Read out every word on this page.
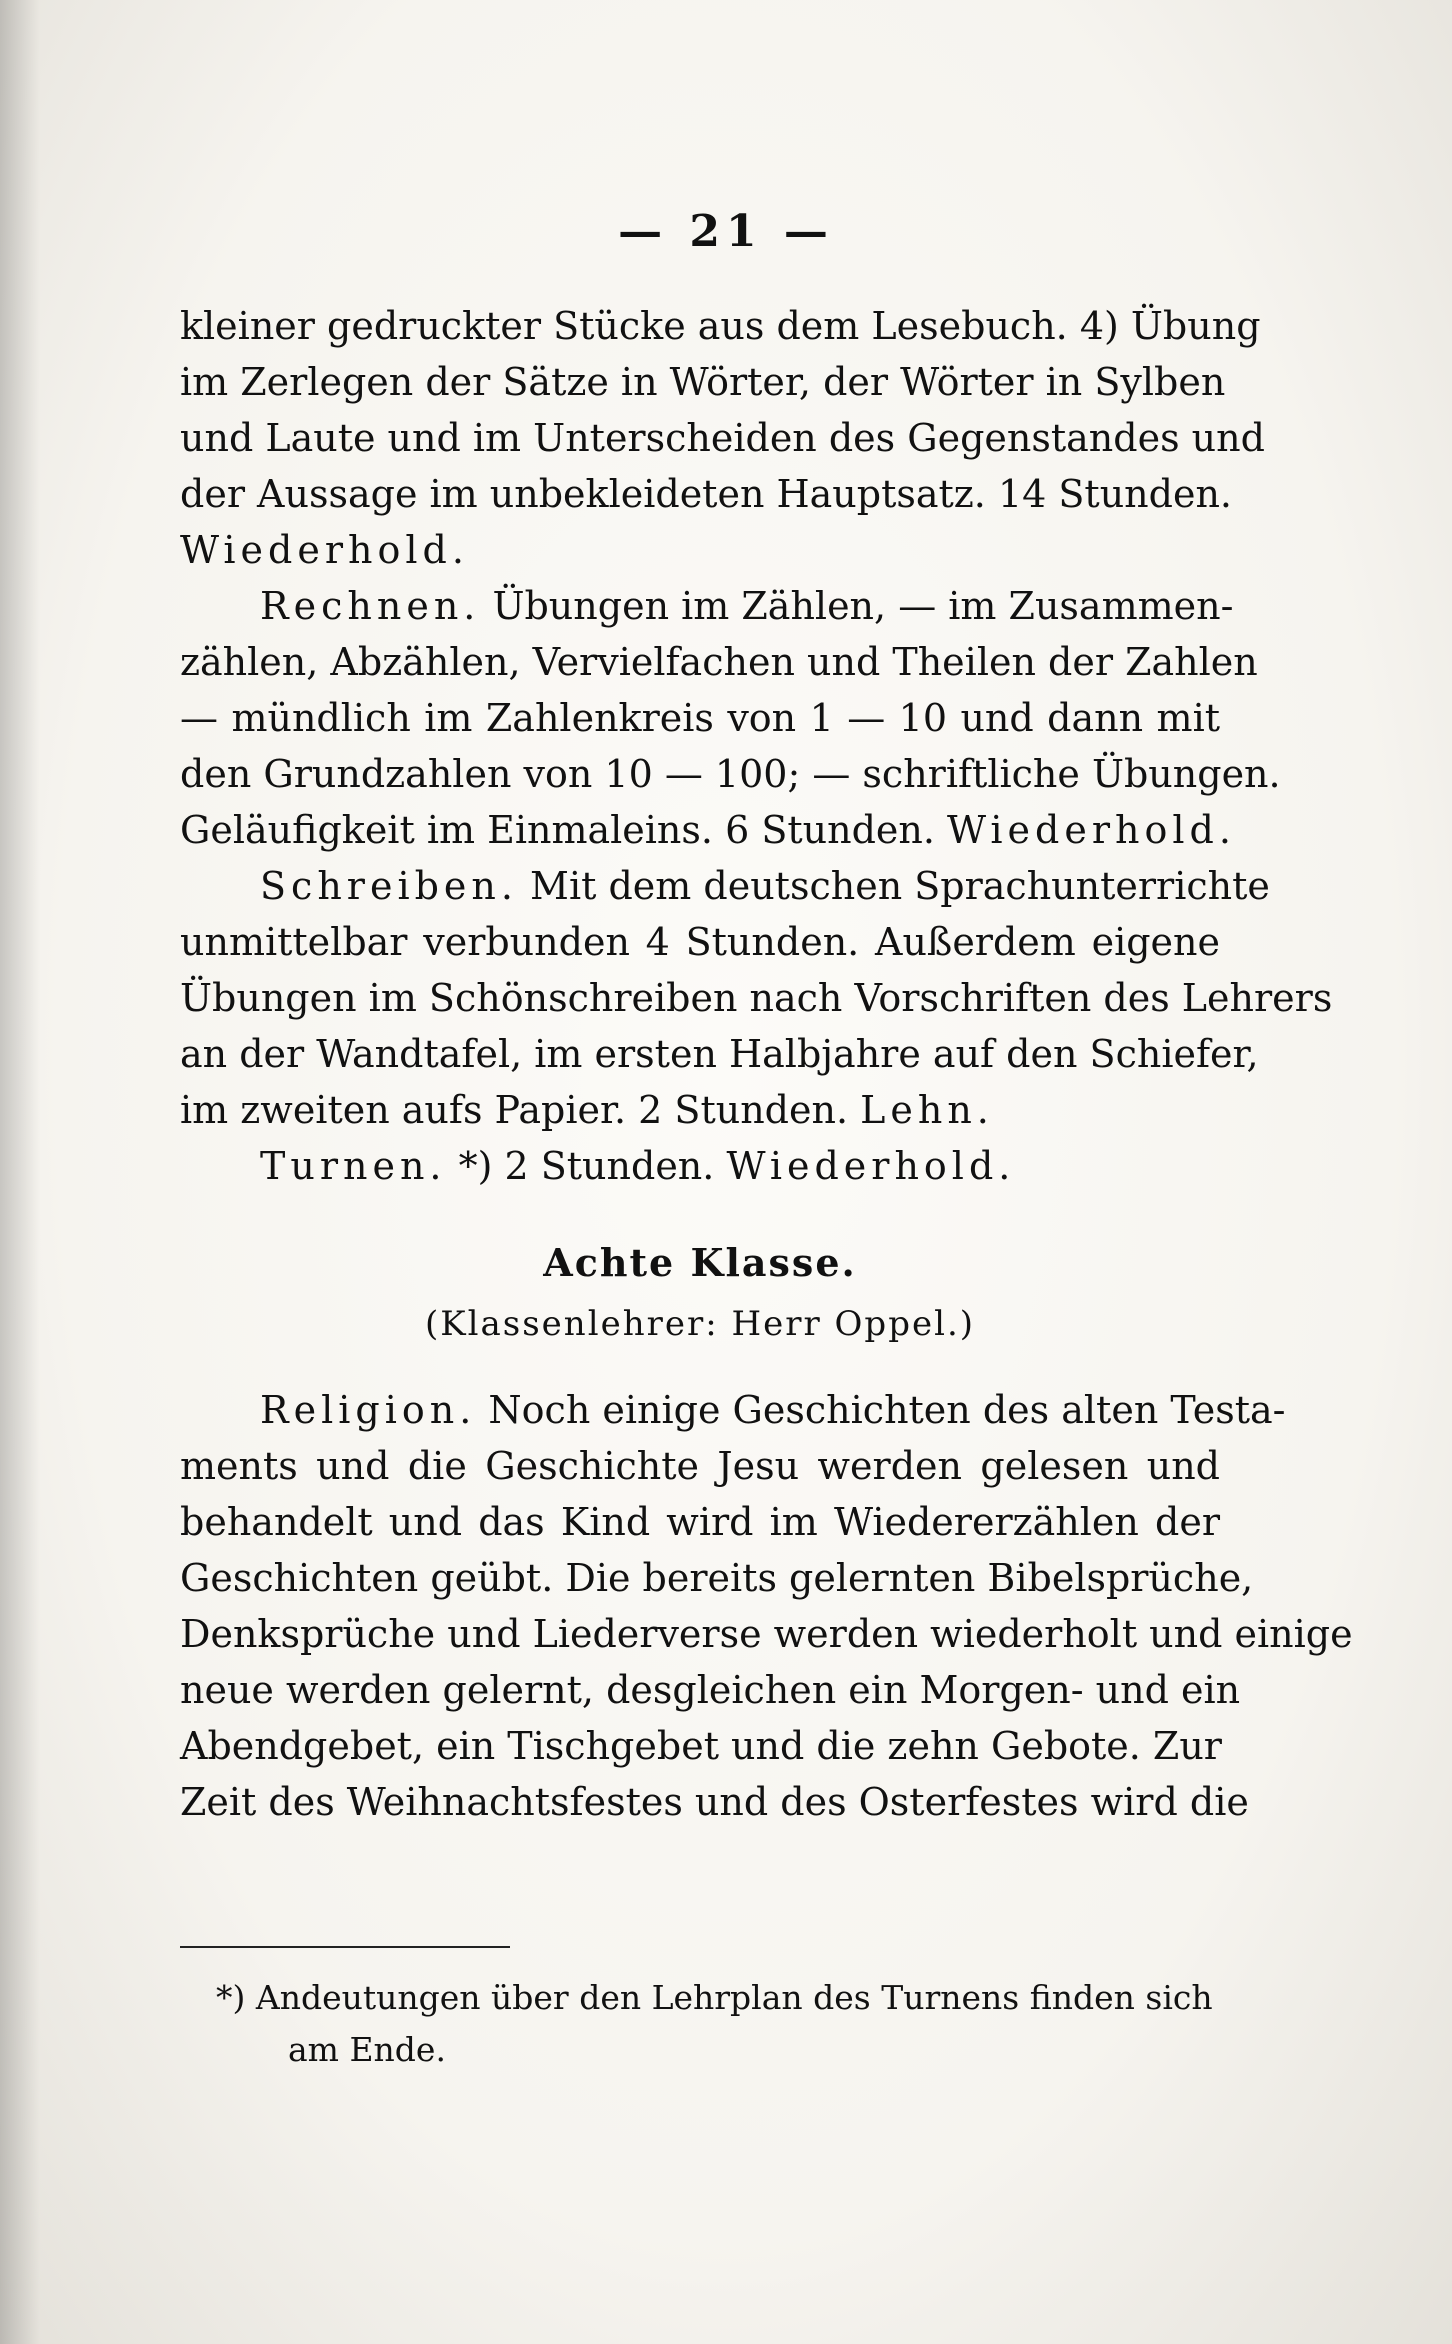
— 21 —
kleiner gedruckter Stücke aus dem Lesebuch. 4) Übung
im Zerlegen der Sätze in Wörter, der Wörter in Sylben
und Laute und im Unterscheiden des Gegenstandes und
der Aussage im unbekleideten Hauptsatz. 14 Stunden.
Wiederhold.
Rechnen. Übungen im Zählen, — im Zusammen-
zählen, Abzählen, Vervielfachen und Theilen der Zahlen
— mündlich im Zahlenkreis von 1 — 10 und dann mit
den Grundzahlen von 10 — 100; — schriftliche Übungen.
Geläufigkeit im Einmaleins. 6 Stunden. Wiederhold.
Schreiben. Mit dem deutschen Sprachunterrichte
unmittelbar verbunden 4 Stunden. Außerdem eigene
Übungen im Schönschreiben nach Vorschriften des Lehrers
an der Wandtafel, im ersten Halbjahre auf den Schiefer,
im zweiten aufs Papier. 2 Stunden. Lehn.
Turnen. *) 2 Stunden. Wiederhold.
Achte Klasse.
(Klassenlehrer: Herr Oppel.)
Religion. Noch einige Geschichten des alten Testa-
ments und die Geschichte Jesu werden gelesen und
behandelt und das Kind wird im Wiedererzählen der
Geschichten geübt. Die bereits gelernten Bibelsprüche,
Denksprüche und Liederverse werden wiederholt und einige
neue werden gelernt, desgleichen ein Morgen- und ein
Abendgebet, ein Tischgebet und die zehn Gebote. Zur
Zeit des Weihnachtsfestes und des Osterfestes wird die
*) Andeutungen über den Lehrplan des Turnens finden sich
am Ende.
